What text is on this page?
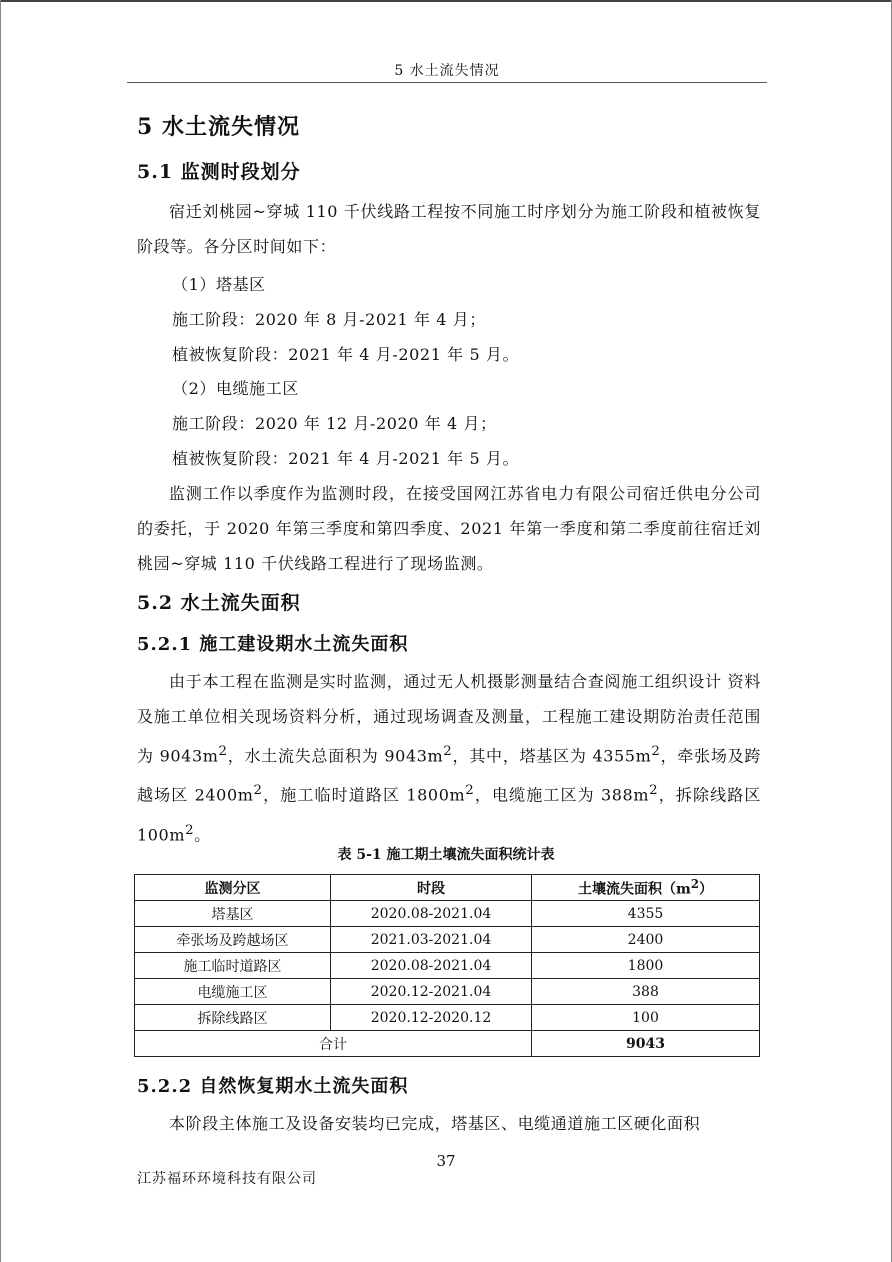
5 水土流失情况
5 水土流失情况
5.1 监测时段划分

宿迁刘桃园~穿城 110 千伏线路工程按不同施工时序划分为施工阶段和植被恢复阶段等。各分区时间如下：

（1）塔基区
施工阶段：2020 年 8 月-2021 年 4 月；
植被恢复阶段：2021 年 4 月-2021 年 5 月。
（2）电缆施工区
施工阶段：2020 年 12 月-2020 年 4 月；
植被恢复阶段：2021 年 4 月-2021 年 5 月。

监测工作以季度作为监测时段，在接受国网江苏省电力有限公司宿迁供电分公司的委托，于 2020 年第三季度和第四季度、2021 年第一季度和第二季度前往宿迁刘桃园~穿城 110 千伏线路工程进行了现场监测。

5.2 水土流失面积
5.2.1 施工建设期水土流失面积

由于本工程在监测是实时监测，通过无人机摄影测量结合查阅施工组织设计 资料及施工单位相关现场资料分析，通过现场调查及测量，工程施工建设期防治责任范围为 $9043m^2$，水土流失总面积为 $9043m^2$，其中，塔基区为 $4355m^2$，牵张场及跨越场区 $2400m^2$，施工临时道路区 $1800m^2$，电缆施工区为 $388m^2$，拆除线路区 $100m^2$。

表 5-1 施工期土壤流失面积统计表
监测分区	时段	土壤流失面积$(m^2)$
塔基区	2020.08-2021.04	4355
牵张场及跨越场区	2021.03-2021.04	2400
施工临时道路区	2020.08-2021.04	1800
电缆施工区	2020.12-2021.04	388
拆除线路区	2020.12-2020.12	100
合计		9043
5.2.2 自然恢复期水土流失面积

本阶段主体施工及设备安装均已完成，塔基区、电缆通道施工区硬化面积

37
江苏福环环境科技有限公司
